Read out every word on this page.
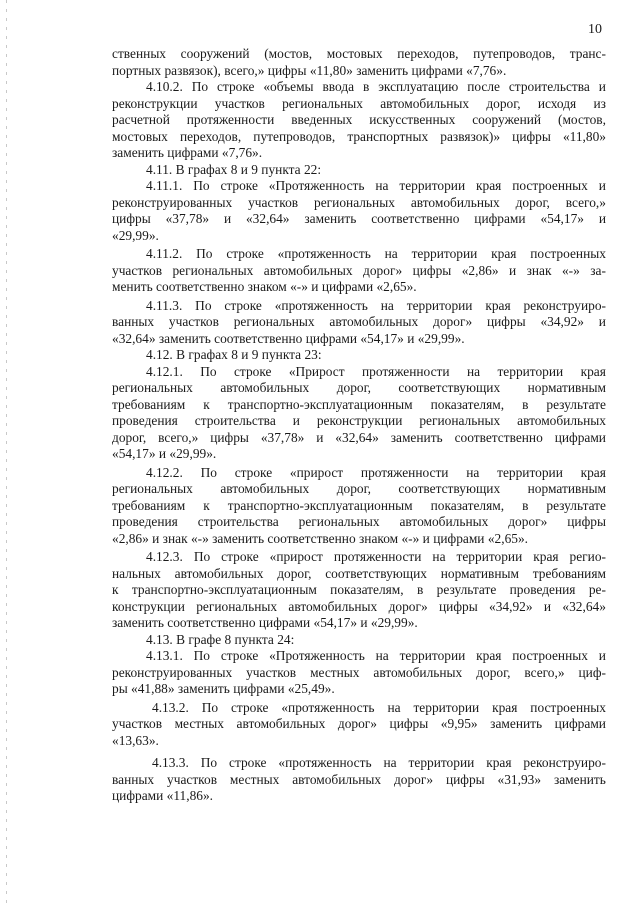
10
ственных сооружений (мостов, мостовых переходов, путепроводов, транс-
портных развязок), всего,» цифры «11,80» заменить цифрами «7,76».
4.10.2. По строке «объемы ввода в эксплуатацию после строительства и
реконструкции участков региональных автомобильных дорог, исходя из
расчетной протяженности введенных искусственных сооружений (мостов,
мостовых переходов, путепроводов, транспортных развязок)» цифры «11,80»
заменить цифрами «7,76».
4.11. В графах 8 и 9 пункта 22:
4.11.1. По строке «Протяженность на территории края построенных и
реконструированных участков региональных автомобильных дорог, всего,»
цифры «37,78» и «32,64» заменить соответственно цифрами «54,17» и
«29,99».
4.11.2. По строке «протяженность на территории края построенных
участков региональных автомобильных дорог» цифры «2,86» и знак «-» за-
менить соответственно знаком «-» и цифрами «2,65».
4.11.3. По строке «протяженность на территории края реконструиро-
ванных участков региональных автомобильных дорог» цифры «34,92» и
«32,64» заменить соответственно цифрами «54,17» и «29,99».
4.12. В графах 8 и 9 пункта 23:
4.12.1. По строке «Прирост протяженности на территории края
региональных автомобильных дорог, соответствующих нормативным
требованиям к транспортно-эксплуатационным показателям, в результате
проведения строительства и реконструкции региональных автомобильных
дорог, всего,» цифры «37,78» и «32,64» заменить соответственно цифрами
«54,17» и «29,99».
4.12.2. По строке «прирост протяженности на территории края
региональных автомобильных дорог, соответствующих нормативным
требованиям к транспортно-эксплуатационным показателям, в результате
проведения строительства региональных автомобильных дорог» цифры
«2,86» и знак «-» заменить соответственно знаком «-» и цифрами «2,65».
4.12.3. По строке «прирост протяженности на территории края регио-
нальных автомобильных дорог, соответствующих нормативным требованиям
к транспортно-эксплуатационным показателям, в результате проведения ре-
конструкции региональных автомобильных дорог» цифры «34,92» и «32,64»
заменить соответственно цифрами «54,17» и «29,99».
4.13. В графе 8 пункта 24:
4.13.1. По строке «Протяженность на территории края построенных и
реконструированных участков местных автомобильных дорог, всего,» циф-
ры «41,88» заменить цифрами «25,49».
4.13.2. По строке «протяженность на территории края построенных
участков местных автомобильных дорог» цифры «9,95» заменить цифрами
«13,63».
4.13.3. По строке «протяженность на территории края реконструиро-
ванных участков местных автомобильных дорог» цифры «31,93» заменить
цифрами «11,86».
